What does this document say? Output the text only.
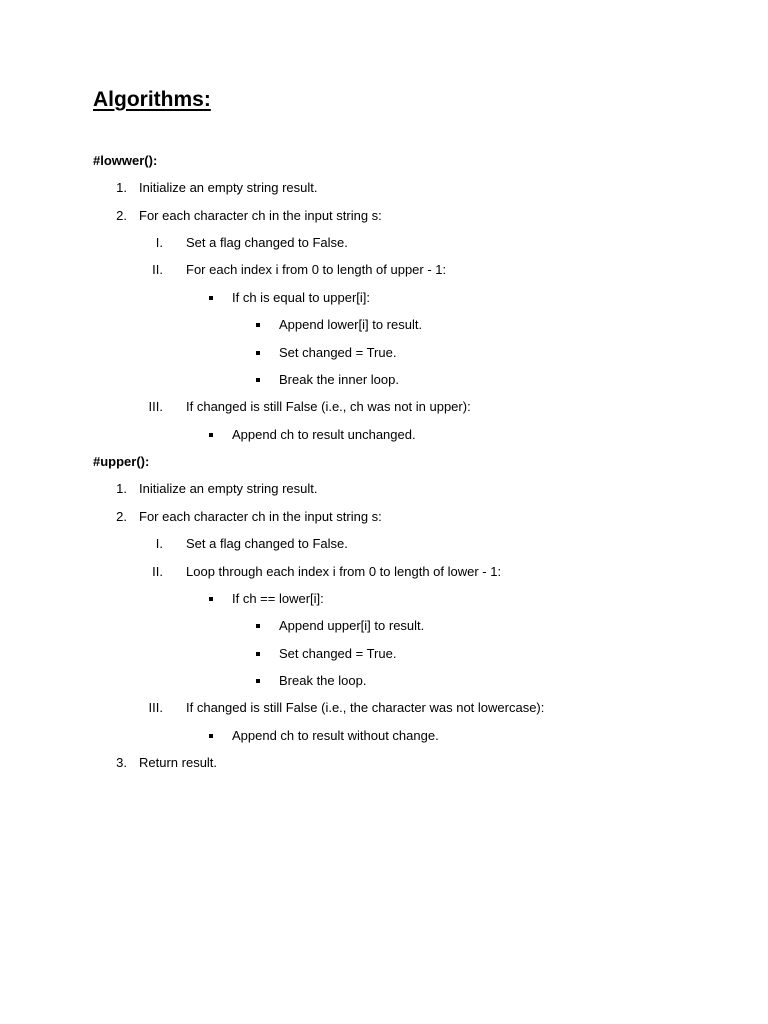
Algorithms:
#lowwer():
1. Initialize an empty string result.
2. For each character ch in the input string s:
I. Set a flag changed to False.
II. For each index i from 0 to length of upper - 1:
If ch is equal to upper[i]:
Append lower[i] to result.
Set changed = True.
Break the inner loop.
III. If changed is still False (i.e., ch was not in upper):
Append ch to result unchanged.
#upper():
1. Initialize an empty string result.
2. For each character ch in the input string s:
I. Set a flag changed to False.
II. Loop through each index i from 0 to length of lower - 1:
If ch == lower[i]:
Append upper[i] to result.
Set changed = True.
Break the loop.
III. If changed is still False (i.e., the character was not lowercase):
Append ch to result without change.
3. Return result.
